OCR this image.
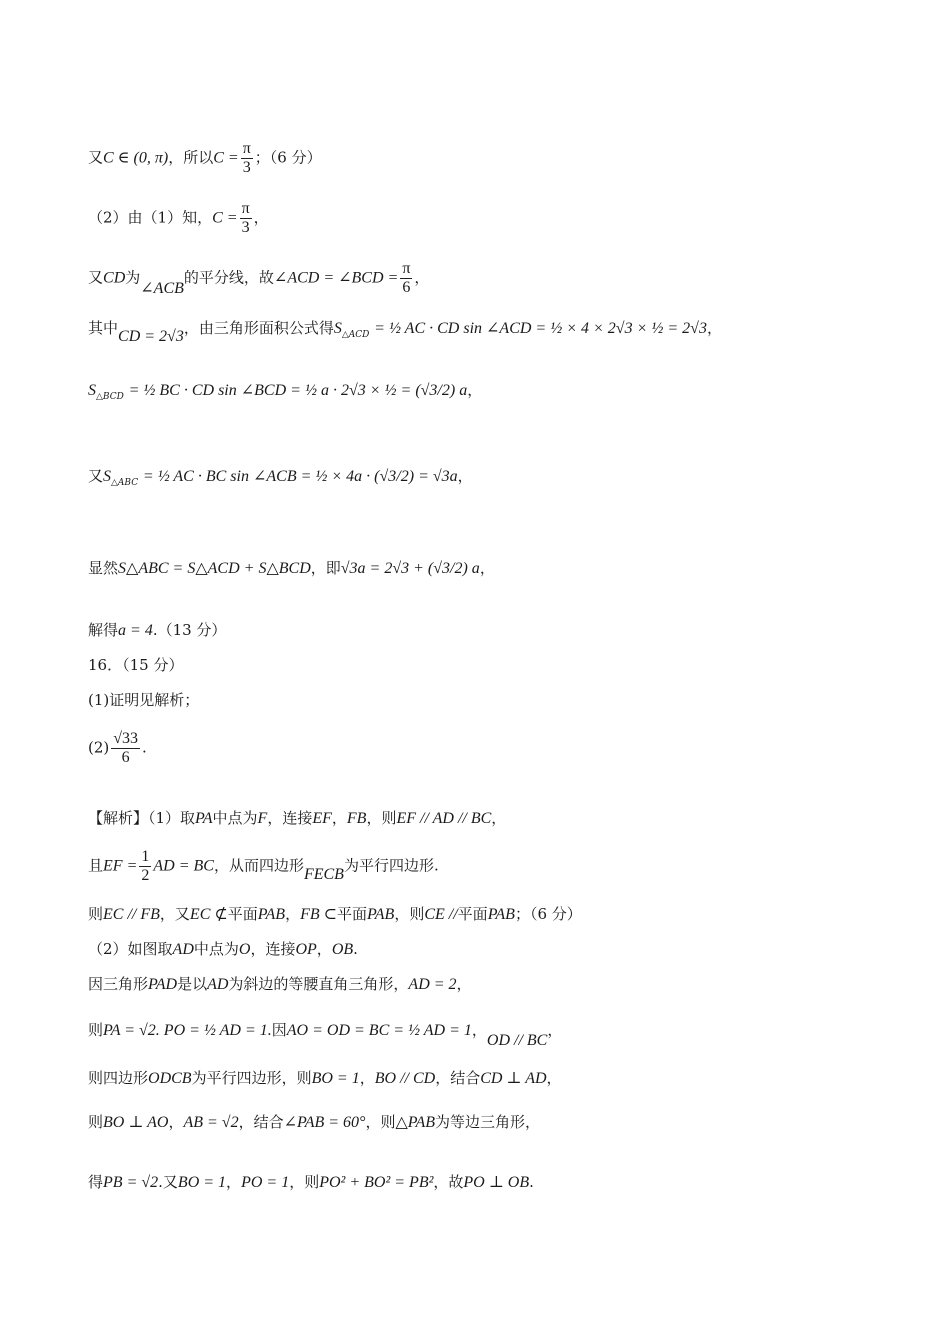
又C ∈ (0, π)，所以$C = \frac{\pi}{3}$ ；（6 分）
（2）由（1）知，$C = \frac{\pi}{3}$ ，
又CD为∠ACB的平分线，故∠ACD = ∠BCD = $\frac{\pi}{6}$ ，
其中CD = 2√3，由三角形面积公式得$S_{\triangle ACD}$ = ½ AC · CD sin ∠ACD = ½ × 4 × 2√3 × ½ = 2√3，
$S_{\triangle BCD}$ = ½ BC · CD sin ∠BCD = ½ a · 2√3 × ½ = (√3/2) a，
又$S_{\triangle ABC}$ = ½ AC · BC sin ∠ACB = ½ × 4a · (√3/2) = √3a，
显然S△ABC = S△ACD + S△BCD，即√3a = 2√3 + (√3/2) a，
解得a = 4.（13 分）
16．（15 分）
(1)证明见解析；
$(2) \frac{√33}{6}$ .
【解析】（1）取PA中点为F，连接EF，FB，则EF // AD // BC，
且EF = $\frac{1}{2}$ AD = BC，从而四边形FECB为平行四边形.
则EC // FB，又EC ⊄平面PAB，FB ⊂平面PAB，则CE //平面PAB；（6 分）
（2）如图取AD中点为O，连接OP，OB.
因三角形PAD是以AD为斜边的等腰直角三角形，AD = 2，
则PA = √2. PO = ½ AD = 1.因AO = OD = BC = ½ AD = 1，OD // BC，
则四边形ODCB为平行四边形，则BO = 1，BO // CD，结合CD ⊥ AD，
则BO ⊥ AO，AB = √2，结合∠PAB = 60°，则△PAB为等边三角形，
得PB = √2.又BO = 1，PO = 1，则PO² + BO² = PB²，故PO ⊥ OB.
